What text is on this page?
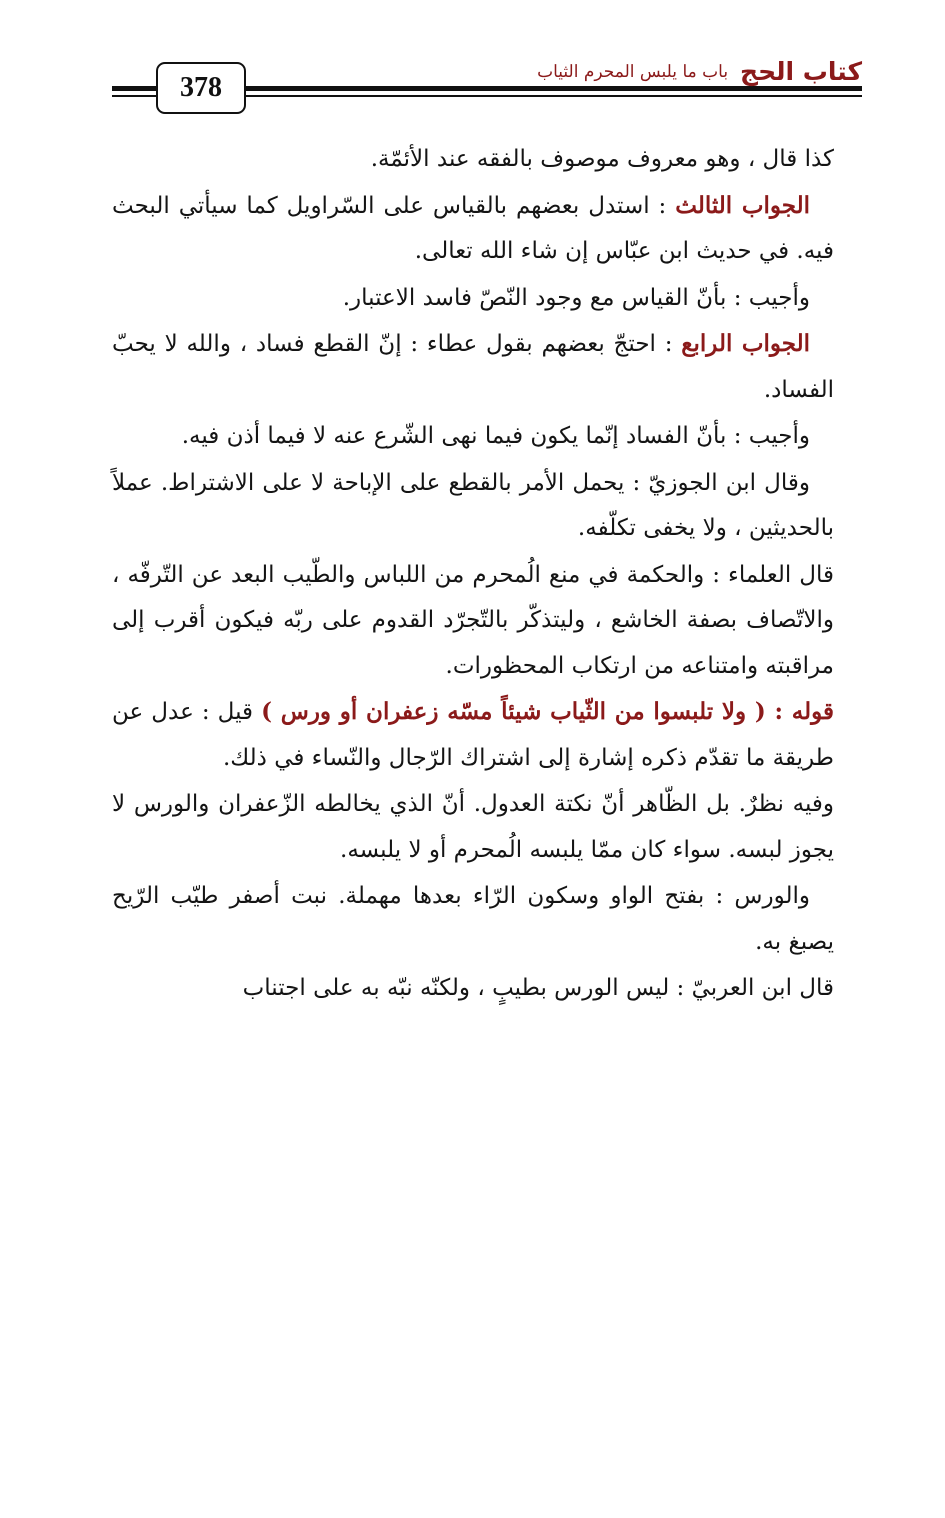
378
كتاب الحج
باب ما يلبس المحرم الثياب

كذا قال ، وهو معروف موصوف بالفقه عند الأئمّة.

الجواب الثالث : استدل بعضهم بالقياس على السّراويل كما سيأتي البحث فيه. في حديث ابن عبّاس إن شاء الله تعالى.

وأجيب : بأنّ القياس مع وجود النّصّ فاسد الاعتبار.

الجواب الرابع : احتجّ بعضهم بقول عطاء : إنّ القطع فساد ، والله لا يحبّ الفساد.

وأجيب : بأنّ الفساد إنّما يكون فيما نهى الشّرع عنه لا فيما أذن فيه.

وقال ابن الجوزيّ : يحمل الأمر بالقطع على الإباحة لا على الاشتراط. عملاً بالحديثين ، ولا يخفى تكلّفه.

قال العلماء : والحكمة في منع الُمحرم من اللباس والطّيب البعد عن التّرفّه ، والاتّصاف بصفة الخاشع ، وليتذكّر بالتّجرّد القدوم على ربّه فيكون أقرب إلى مراقبته وامتناعه من ارتكاب المحظورات.

قوله : ( ولا تلبسوا من الثّياب شيئاً مسّه زعفران أو ورس ) قيل : عدل عن طريقة ما تقدّم ذكره إشارة إلى اشتراك الرّجال والنّساء في ذلك.

وفيه نظرٌ. بل الظّاهر أنّ نكتة العدول. أنّ الذي يخالطه الزّعفران والورس لا يجوز لبسه. سواء كان ممّا يلبسه الُمحرم أو لا يلبسه.

والورس : بفتح الواو وسكون الرّاء بعدها مهملة. نبت أصفر طيّب الرّيح يصبغ به.

قال ابن العربيّ : ليس الورس بطيبٍ ، ولكنّه نبّه به على اجتناب
